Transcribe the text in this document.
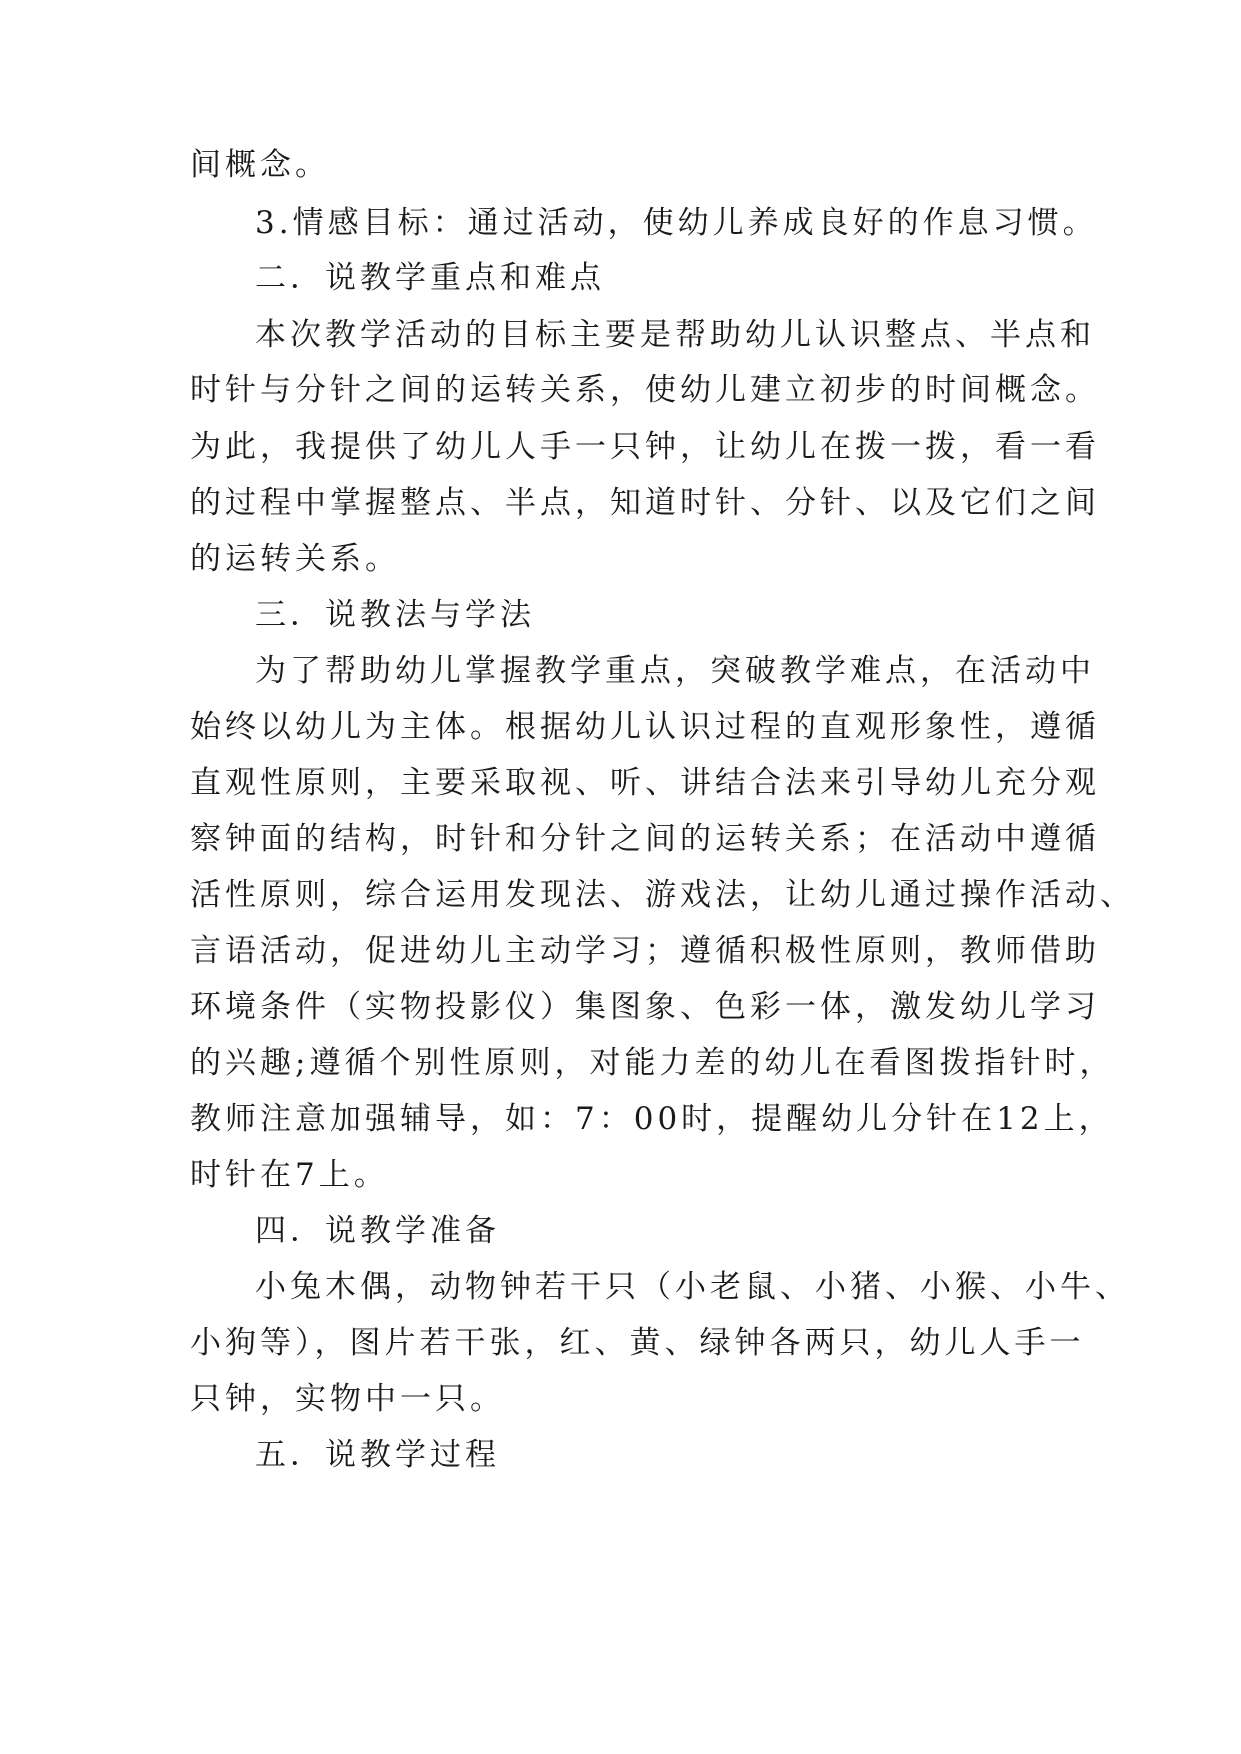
间概念。
3.情感目标：通过活动，使幼儿养成良好的作息习惯。
二．说教学重点和难点
本次教学活动的目标主要是帮助幼儿认识整点、半点和
时针与分针之间的运转关系，使幼儿建立初步的时间概念。
为此，我提供了幼儿人手一只钟，让幼儿在拨一拨，看一看
的过程中掌握整点、半点，知道时针、分针、以及它们之间
的运转关系。
三．说教法与学法
为了帮助幼儿掌握教学重点，突破教学难点，在活动中
始终以幼儿为主体。根据幼儿认识过程的直观形象性，遵循
直观性原则，主要采取视、听、讲结合法来引导幼儿充分观
察钟面的结构，时针和分针之间的运转关系；在活动中遵循
活性原则，综合运用发现法、游戏法，让幼儿通过操作活动、
言语活动，促进幼儿主动学习；遵循积极性原则，教师借助
环境条件（实物投影仪）集图象、色彩一体，激发幼儿学习
的兴趣;遵循个别性原则，对能力差的幼儿在看图拨指针时，
教师注意加强辅导，如：7：00时，提醒幼儿分针在12上，
时针在7上。
四．说教学准备
小兔木偶，动物钟若干只（小老鼠、小猪、小猴、小牛、
小狗等），图片若干张，红、黄、绿钟各两只，幼儿人手一
只钟，实物中一只。
五．说教学过程
